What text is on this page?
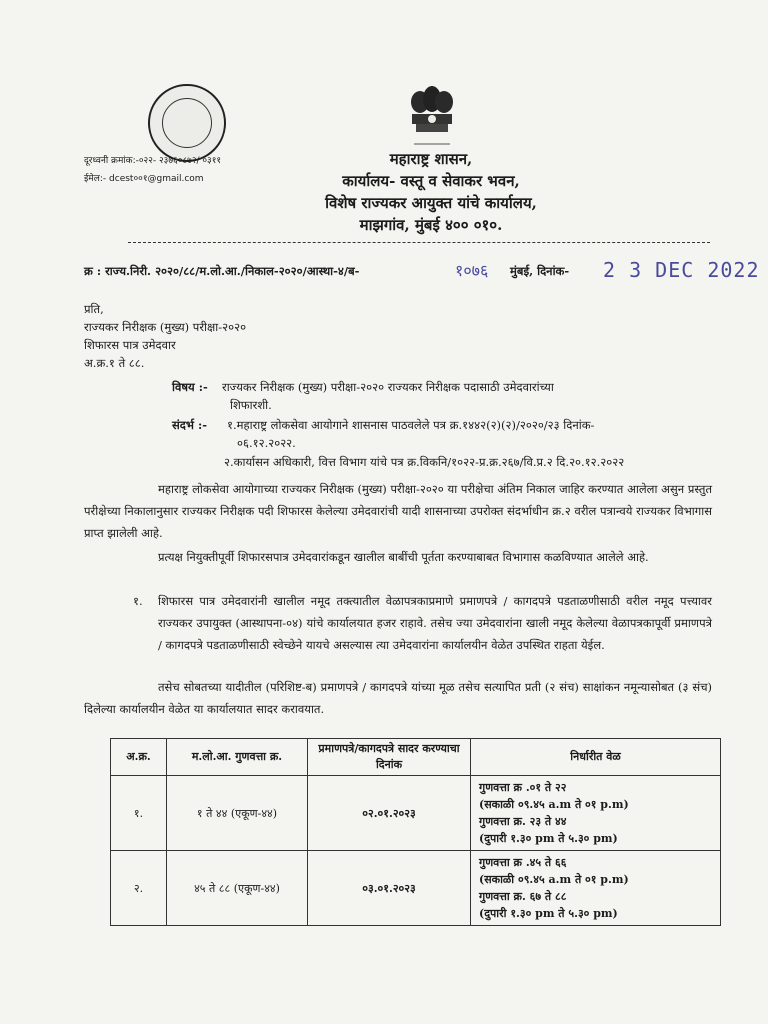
दूरध्वनी क्रमांक:-०२२- २३७६०८७२/ ०३११
ईमेल:- dcest००१@gmail.com
महाराष्ट्र शासन,
कार्यालय- वस्तू व सेवाकर भवन,
विशेष राज्यकर आयुक्त यांचे कार्यालय,
माझगांव, मुंबई ४०० ०१०.
क्र : राज्य.निरी. २०२०/८८/म.लो.आ./निकाल-२०२०/आस्था-४/ब-	१०७६ मुंबई, दिनांक- 2 3 DEC 2022
प्रति,
राज्यकर निरीक्षक (मुख्य) परीक्षा-२०२०
शिफारस पात्र उमेदवार
अ.क्र.१ ते ८८.
विषय :- राज्यकर निरीक्षक (मुख्य) परीक्षा-२०२० राज्यकर निरीक्षक पदासाठी उमेदवारांच्या
शिफारशी.
संदर्भ :- १.महाराष्ट्र लोकसेवा आयोगाने शासनास पाठवलेले पत्र क्र.१४४२(२)(२)/२०२०/२३ दिनांक-
०६.१२.२०२२.
२.कार्यासन अधिकारी, वित्त विभाग यांचे पत्र क्र.विकनि/१०२२-प्र.क्र.२६७/वि.प्र.२ दि.२०.१२.२०२२
महाराष्ट्र लोकसेवा आयोगाच्या राज्यकर निरीक्षक (मुख्य) परीक्षा-२०२० या परीक्षेचा अंतिम निकाल जाहिर करण्यात आलेला असुन प्रस्तुत परीक्षेच्या निकालानुसार राज्यकर निरीक्षक पदी शिफारस केलेल्या उमेदवारांची यादी शासनाच्या उपरोक्त संदर्भाधीन क्र.२ वरील पत्रान्वये राज्यकर विभागास प्राप्त झालेली आहे.
प्रत्यक्ष नियुक्तीपूर्वी शिफारसपात्र उमेदवारांकडून खालील बाबींची पूर्तता करण्याबाबत विभागास कळविण्यात आलेले आहे.
१. शिफारस पात्र उमेदवारांनी खालील नमूद तक्त्यातील वेळापत्रकाप्रमाणे प्रमाणपत्रे / कागदपत्रे पडताळणीसाठी वरील नमूद पत्त्यावर राज्यकर उपायुक्त (आस्थापना-०४) यांचे कार्यालयात हजर राहावे. तसेच ज्या उमेदवारांना खाली नमूद केलेल्या वेळापत्रकापूर्वी प्रमाणपत्रे / कागदपत्रे पडताळणीसाठी स्वेच्छेने यायचे असल्यास त्या उमेदवारांना कार्यालयीन वेळेत उपस्थित राहता येईल.
तसेच सोबतच्या यादीतील (परिशिष्ट-ब) प्रमाणपत्रे / कागदपत्रे यांच्या मूळ तसेच सत्यापित प्रती (२ संच) साक्षांकन नमून्यासोबत (३ संच) दिलेल्या कार्यालयीन वेळेत या कार्यालयात सादर करावयात.
अ.क्र.	म.लो.आ. गुणवत्ता क्र.	प्रमाणपत्रे/कागदपत्रे सादर करण्याचा दिनांक	निर्धारीत वेळ
१.	१ ते ४४ (एकूण-४४)	०२.०१.२०२३	गुणवत्ता क्र .०१ ते २२
(सकाळी ०९.४५ a.m ते ०१ p.m)
गुणवत्ता क्र. २३ ते ४४
(दुपारी १.३० pm ते ५.३० pm)

२.	४५ ते ८८ (एकूण-४४)	०३.०१.२०२३	गुणवत्ता क्र .४५ ते ६६
(सकाळी ०९.४५ a.m ते ०१ p.m)
गुणवत्ता क्र. ६७ ते ८८
(दुपारी १.३० pm ते ५.३० pm)
